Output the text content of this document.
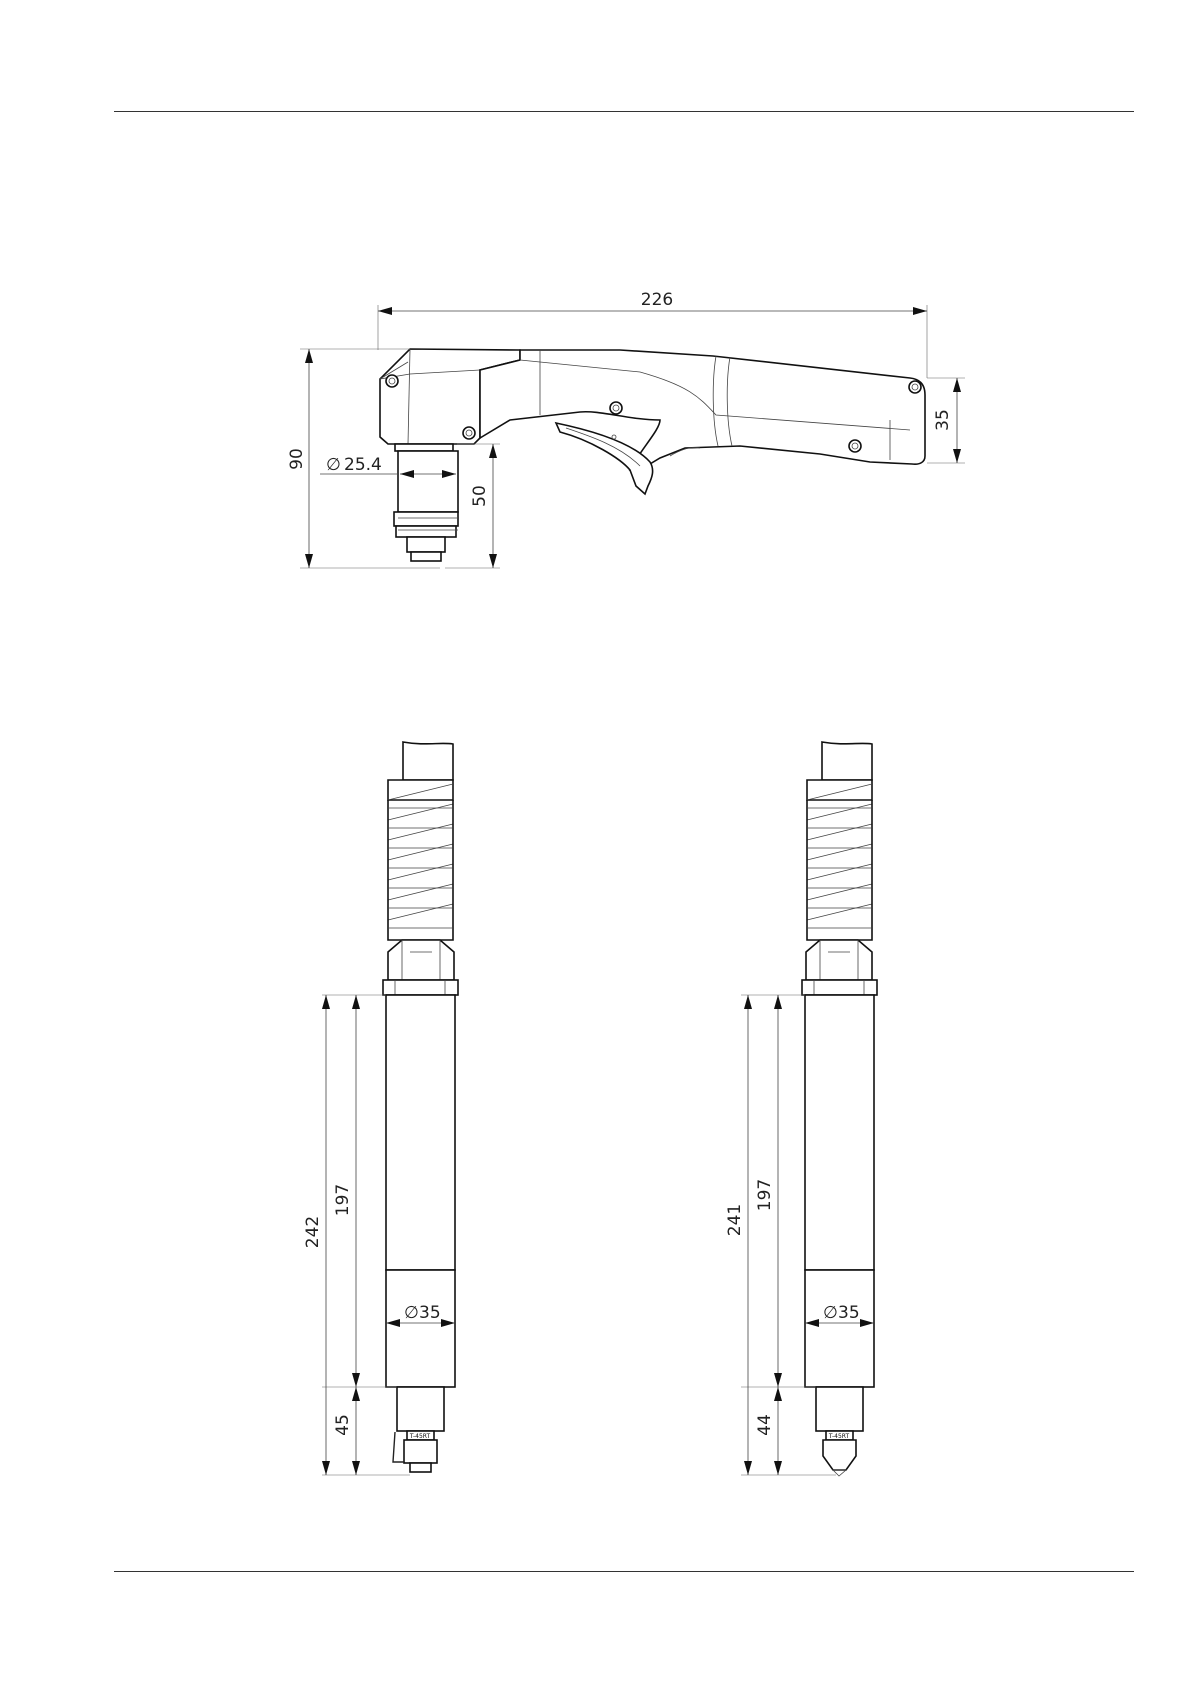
226
90
35
50
∅ 25.4
T-45RT
242
197
45
∅ 35
T-45RT
241
197
44
∅ 35
